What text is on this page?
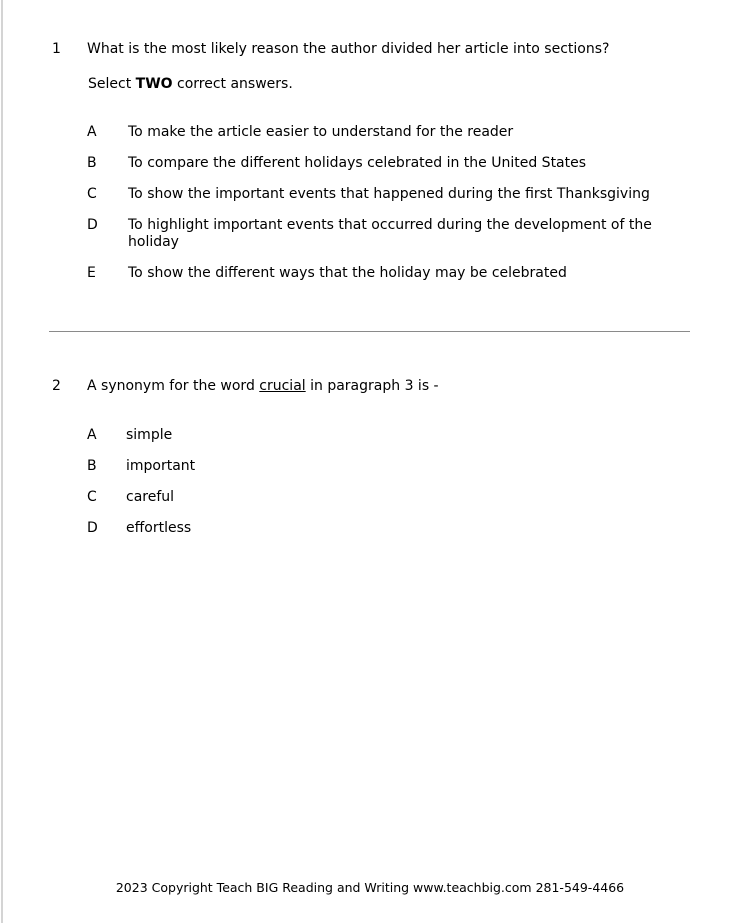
1 What is the most likely reason the author divided her article into sections?
Select TWO correct answers.
A To make the article easier to understand for the reader
B To compare the different holidays celebrated in the United States
C To show the important events that happened during the first Thanksgiving
D To highlight important events that occurred during the development of the holiday
E To show the different ways that the holiday may be celebrated
2 A synonym for the word crucial in paragraph 3 is -
A simple
B important
C careful
D effortless
2023 Copyright Teach BIG Reading and Writing www.teachbig.com 281-549-4466
